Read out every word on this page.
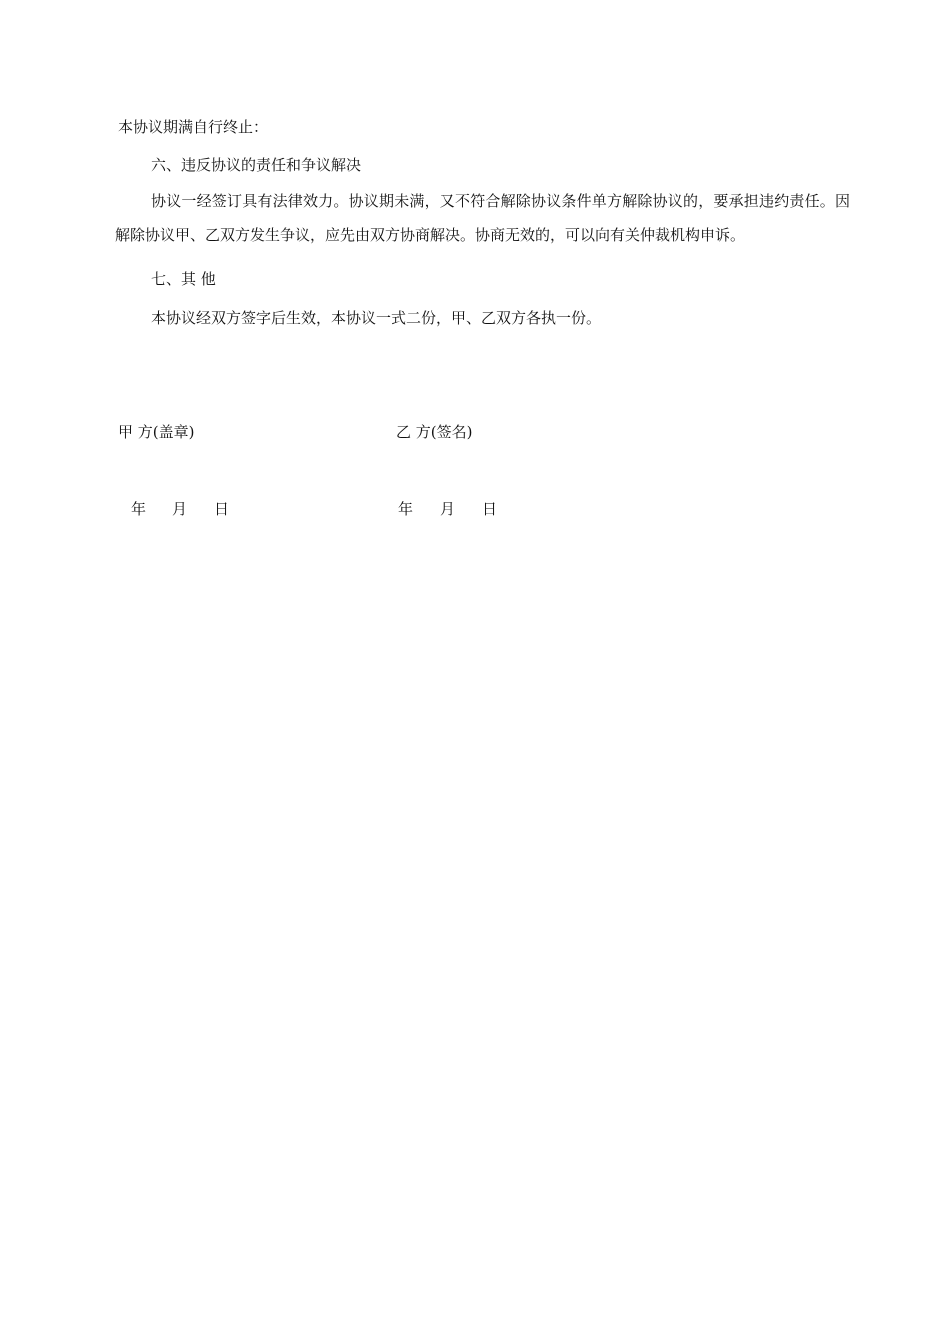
本协议期满自行终止：
六、违反协议的责任和争议解决
协议一经签订具有法律效力。协议期未满，又不符合解除协议条件单方解除协议的，要承担违约责任。因解除协议甲、乙双方发生争议，应先由双方协商解决。协商无效的，可以向有关仲裁机构申诉。
七、其 他
本协议经双方签字后生效，本协议一式二份，甲、乙双方各执一份。
甲 方(盖章)	乙 方(签名)
年 月 日	年 月 日
